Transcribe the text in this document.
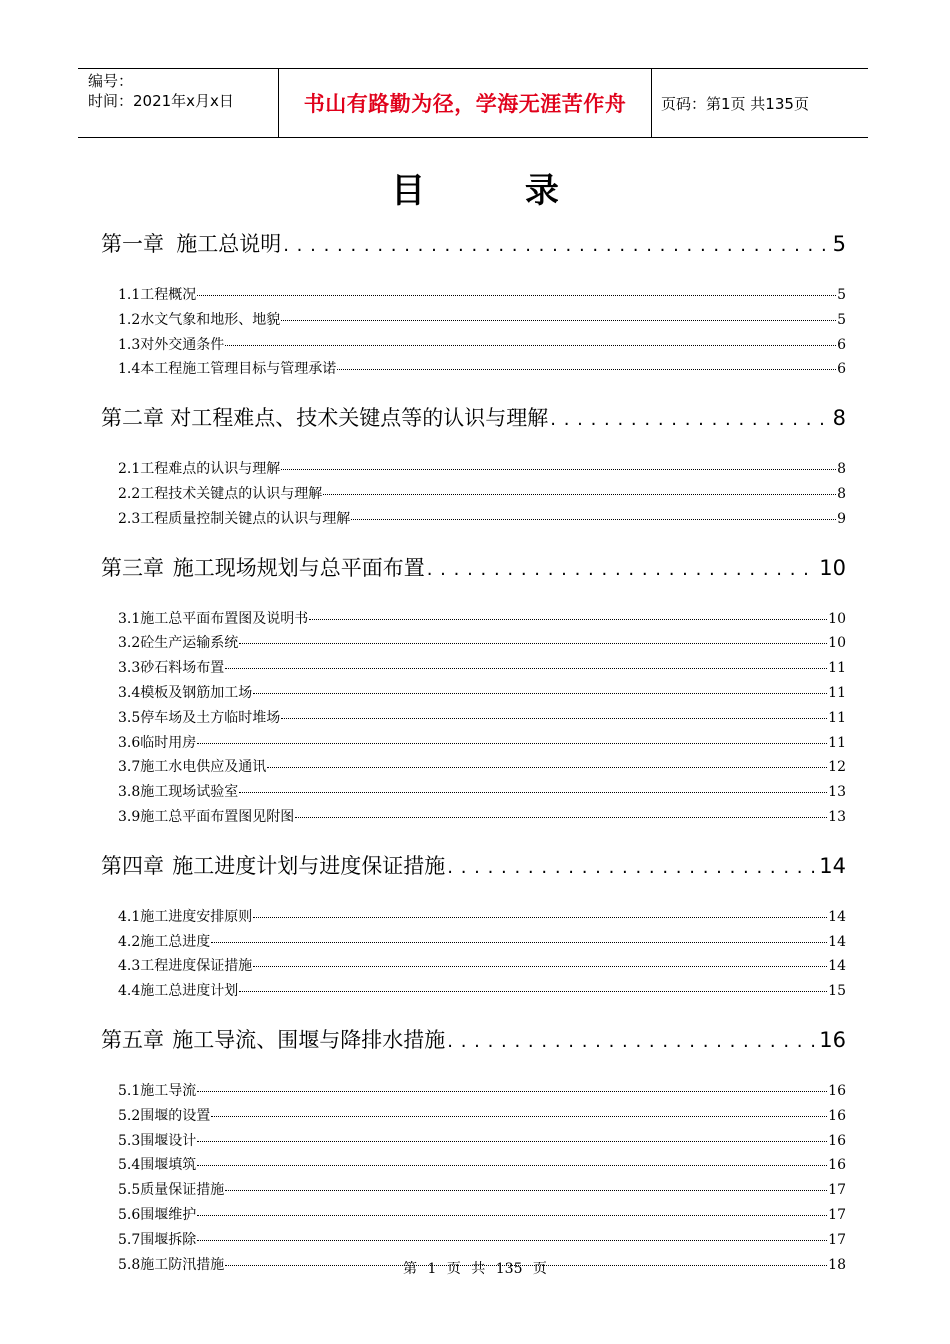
编号：
时间：2021年x月x日	书山有路勤为径，学海无涯苦作舟 页码：第1页 共135页
目 录
第一章 施工总说明 . . .	5
1.1工程概况	5
1.2水文气象和地形、地貌	5
1.3对外交通条件	6
1.4本工程施工管理目标与管理承诺	6
第二章 对工程难点、技术关键点等的认识与理解 . . .	8
2.1工程难点的认识与理解	8
2.2工程技术关键点的认识与理解	8
2.3工程质量控制关键点的认识与理解	9
第三章 施工现场规划与总平面布置 . . .	10
3.1施工总平面布置图及说明书	10
3.2砼生产运输系统	10
3.3砂石料场布置	11
3.4模板及钢筋加工场	11
3.5停车场及土方临时堆场	11
3.6临时用房	11
3.7施工水电供应及通讯	12
3.8施工现场试验室	13
3.9施工总平面布置图见附图	13
第四章 施工进度计划与进度保证措施 . . .	14
4.1施工进度安排原则	14
4.2施工总进度	14
4.3工程进度保证措施	14
4.4施工总进度计划	15
第五章 施工导流、围堰与降排水措施 . . .	16
5.1施工导流	16
5.2围堰的设置	16
5.3围堰设计	16
5.4围堰填筑	16
5.5质量保证措施	17
5.6围堰维护	17
5.7围堰拆除	17
5.8施工防汛措施	18
第 1 页 共 135 页
